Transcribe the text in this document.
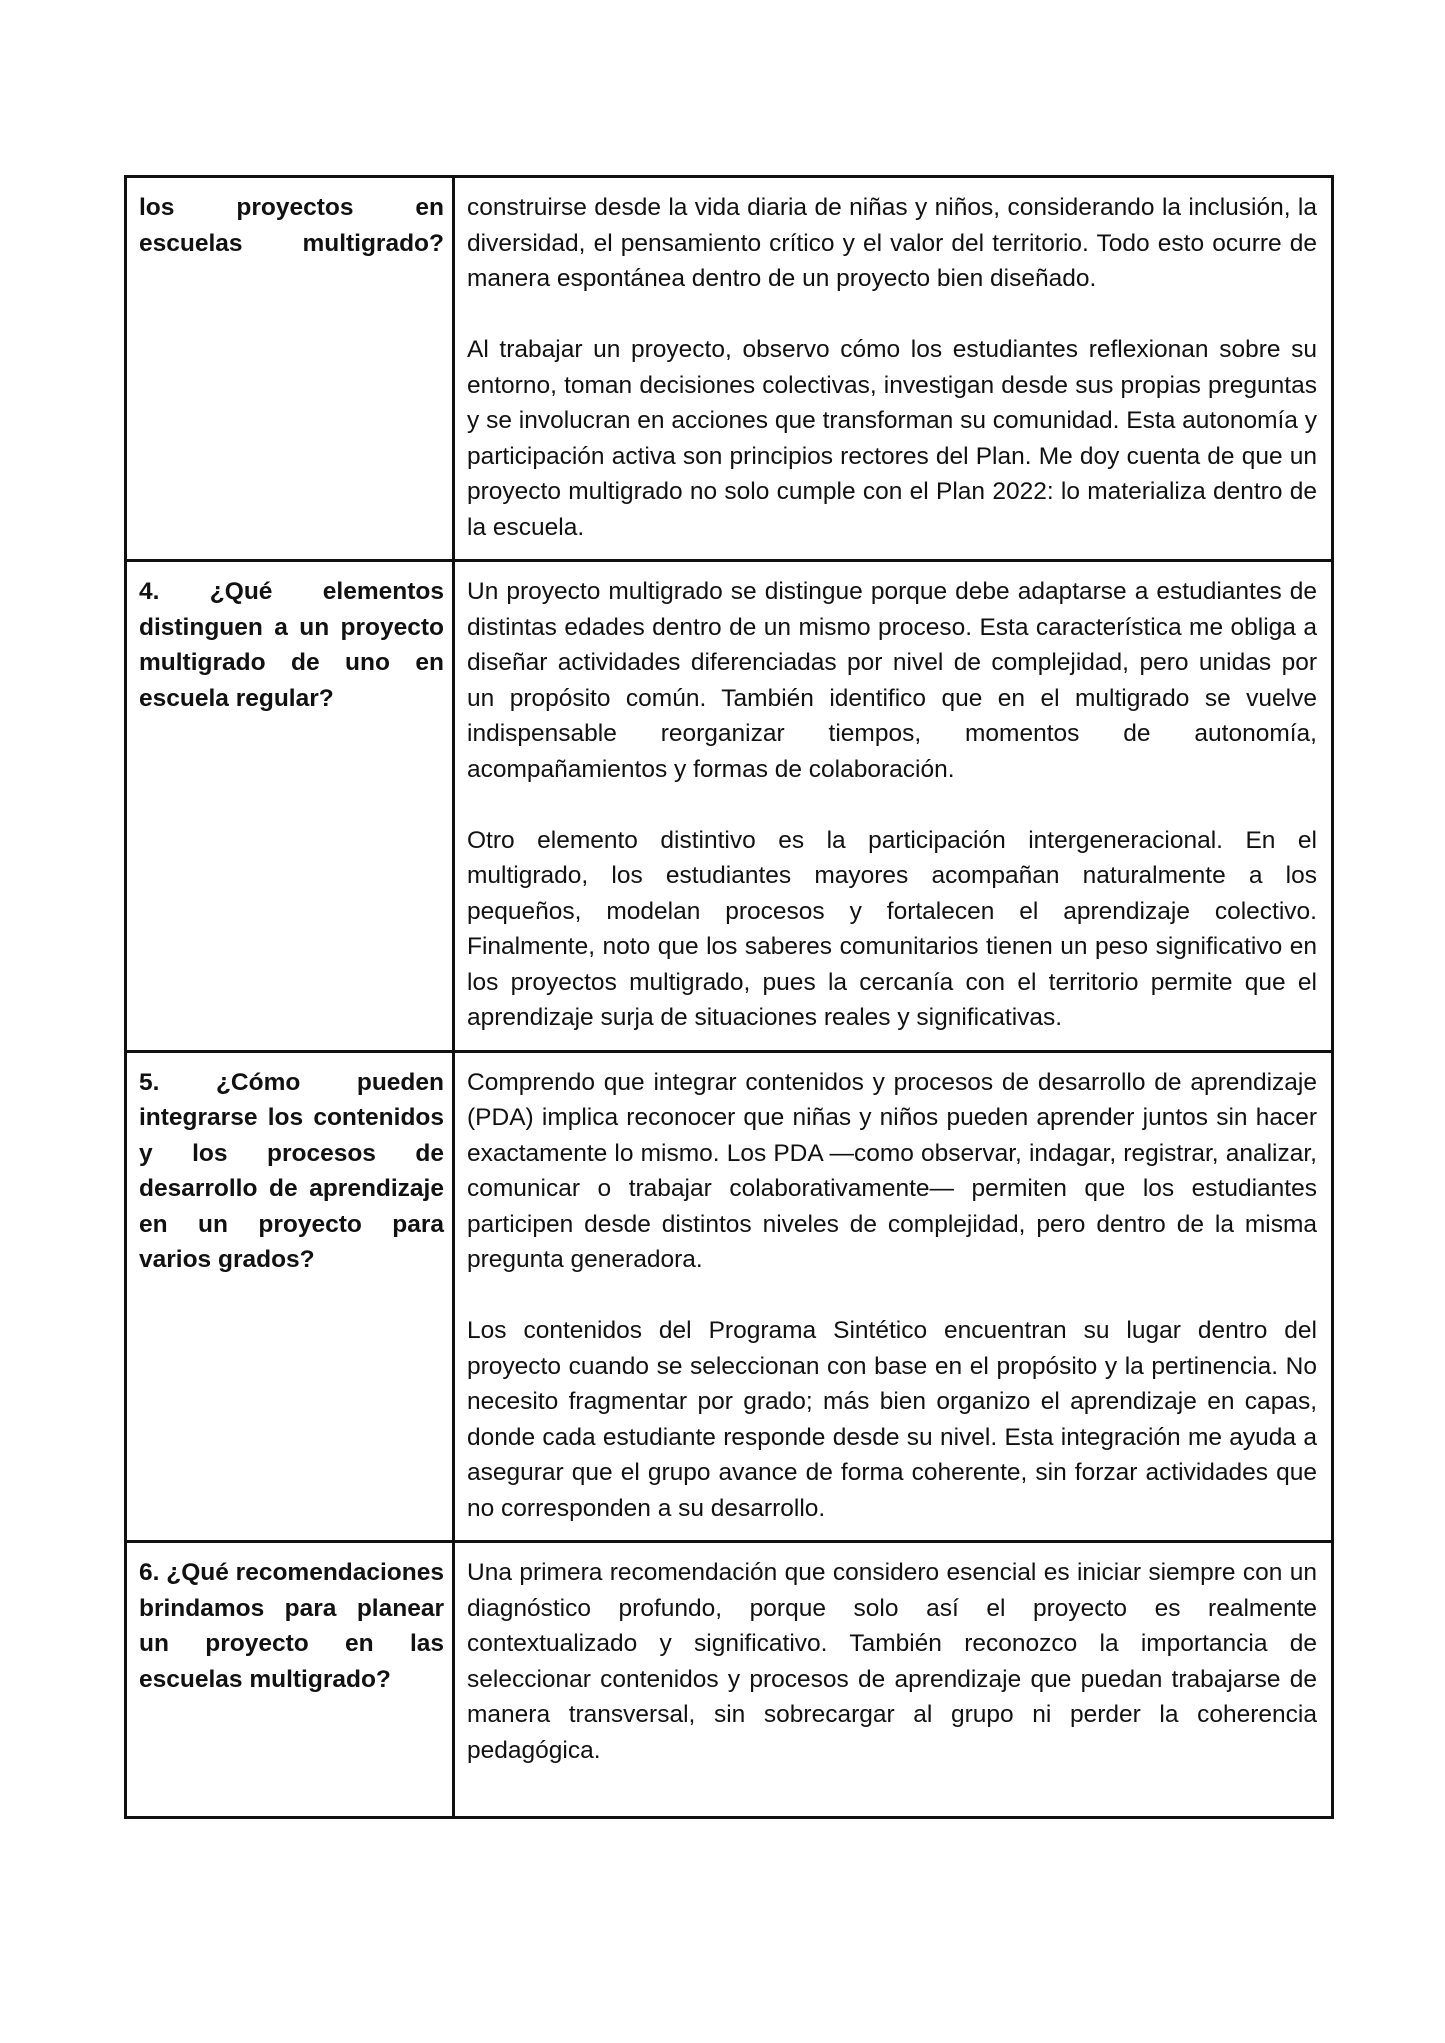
los proyectos en escuelas multigrado?	construirse desde la vida diaria de niñas y niños, considerando la inclusión, la diversidad, el pensamiento crítico y el valor del territorio. Todo esto ocurre de manera espontánea dentro de un proyecto bien diseñado.

Al trabajar un proyecto, observo cómo los estudiantes reflexionan sobre su entorno, toman decisiones colectivas, investigan desde sus propias preguntas y se involucran en acciones que transforman su comunidad. Esta autonomía y participación activa son principios rectores del Plan. Me doy cuenta de que un proyecto multigrado no solo cumple con el Plan 2022: lo materializa dentro de la escuela.

4. ¿Qué elementos distinguen a un proyecto multigrado de uno en escuela regular?	Un proyecto multigrado se distingue porque debe adaptarse a estudiantes de distintas edades dentro de un mismo proceso. Esta característica me obliga a diseñar actividades diferenciadas por nivel de complejidad, pero unidas por un propósito común. También identifico que en el multigrado se vuelve indispensable reorganizar tiempos, momentos de autonomía, acompañamientos y formas de colaboración.

Otro elemento distintivo es la participación intergeneracional. En el multigrado, los estudiantes mayores acompañan naturalmente a los pequeños, modelan procesos y fortalecen el aprendizaje colectivo. Finalmente, noto que los saberes comunitarios tienen un peso significativo en los proyectos multigrado, pues la cercanía con el territorio permite que el aprendizaje surja de situaciones reales y significativas.

5. ¿Cómo pueden integrarse los contenidos y los procesos de desarrollo de aprendizaje en un proyecto para varios grados?	Comprendo que integrar contenidos y procesos de desarrollo de aprendizaje (PDA) implica reconocer que niñas y niños pueden aprender juntos sin hacer exactamente lo mismo. Los PDA —como observar, indagar, registrar, analizar, comunicar o trabajar colaborativamente— permiten que los estudiantes participen desde distintos niveles de complejidad, pero dentro de la misma pregunta generadora.

Los contenidos del Programa Sintético encuentran su lugar dentro del proyecto cuando se seleccionan con base en el propósito y la pertinencia. No necesito fragmentar por grado; más bien organizo el aprendizaje en capas, donde cada estudiante responde desde su nivel. Esta integración me ayuda a asegurar que el grupo avance de forma coherente, sin forzar actividades que no corresponden a su desarrollo.

6. ¿Qué recomendaciones brindamos para planear un proyecto en las escuelas multigrado?	Una primera recomendación que considero esencial es iniciar siempre con un diagnóstico profundo, porque solo así el proyecto es realmente contextualizado y significativo. También reconozco la importancia de seleccionar contenidos y procesos de aprendizaje que puedan trabajarse de manera transversal, sin sobrecargar al grupo ni perder la coherencia pedagógica.
